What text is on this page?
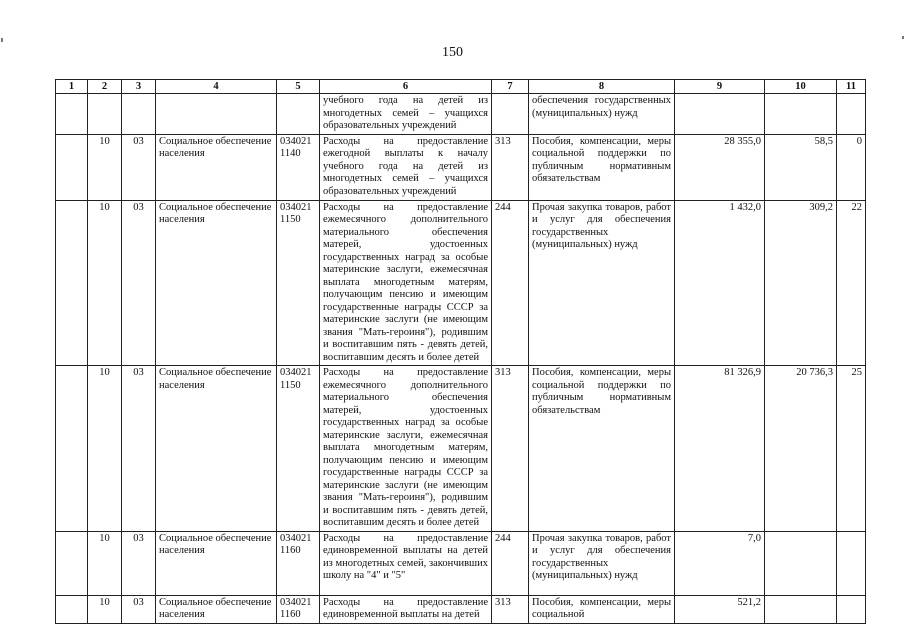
150
1	2	3	4	5	6	7	8	9	10	11
					учебного года на детей из многодетных семей – учащихся образовательных учреждений		обеспечения государственных (муниципальных) нужд			
	10	03	Социальное обеспечение населения	0340211140	Расходы на предоставление ежегодной выплаты к началу учебного года на детей из многодетных семей – учащихся образовательных учреждений	313	Пособия, компенсации, меры социальной поддержки по публичным нормативным обязательствам	28 355,0	58,5	0
	10	03	Социальное обеспечение населения	0340211150	Расходы на предоставление ежемесячного дополнительного материального обеспечения матерей, удостоенных государственных наград за особые материнские заслуги, ежемесячная выплата многодетным матерям, получающим пенсию и имеющим государственные награды СССР за материнские заслуги (не имеющим звания "Мать-героиня"), родившим и воспитавшим пять - девять детей, воспитавшим десять и более детей	244	Прочая закупка товаров, работ и услуг для обеспечения государственных (муниципальных) нужд	1 432,0	309,2	22
	10	03	Социальное обеспечение населения	0340211150	Расходы на предоставление ежемесячного дополнительного материального обеспечения матерей, удостоенных государственных наград за особые материнские заслуги, ежемесячная выплата многодетным матерям, получающим пенсию и имеющим государственные награды СССР за материнские заслуги (не имеющим звания "Мать-героиня"), родившим и воспитавшим пять - девять детей, воспитавшим десять и более детей	313	Пособия, компенсации, меры социальной поддержки по публичным нормативным обязательствам	81 326,9	20 736,3	25
	10	03	Социальное обеспечение населения	0340211160	Расходы на предоставление единовременной выплаты на детей из многодетных семей, закончивших школу на "4" и "5"	244	Прочая закупка товаров, работ и услуг для обеспечения государственных (муниципальных) нужд	7,0		
	10	03	Социальное обеспечение населения	0340211160	Расходы на предоставление единовременной выплаты на детей	313	Пособия, компенсации, меры социальной	521,2		
